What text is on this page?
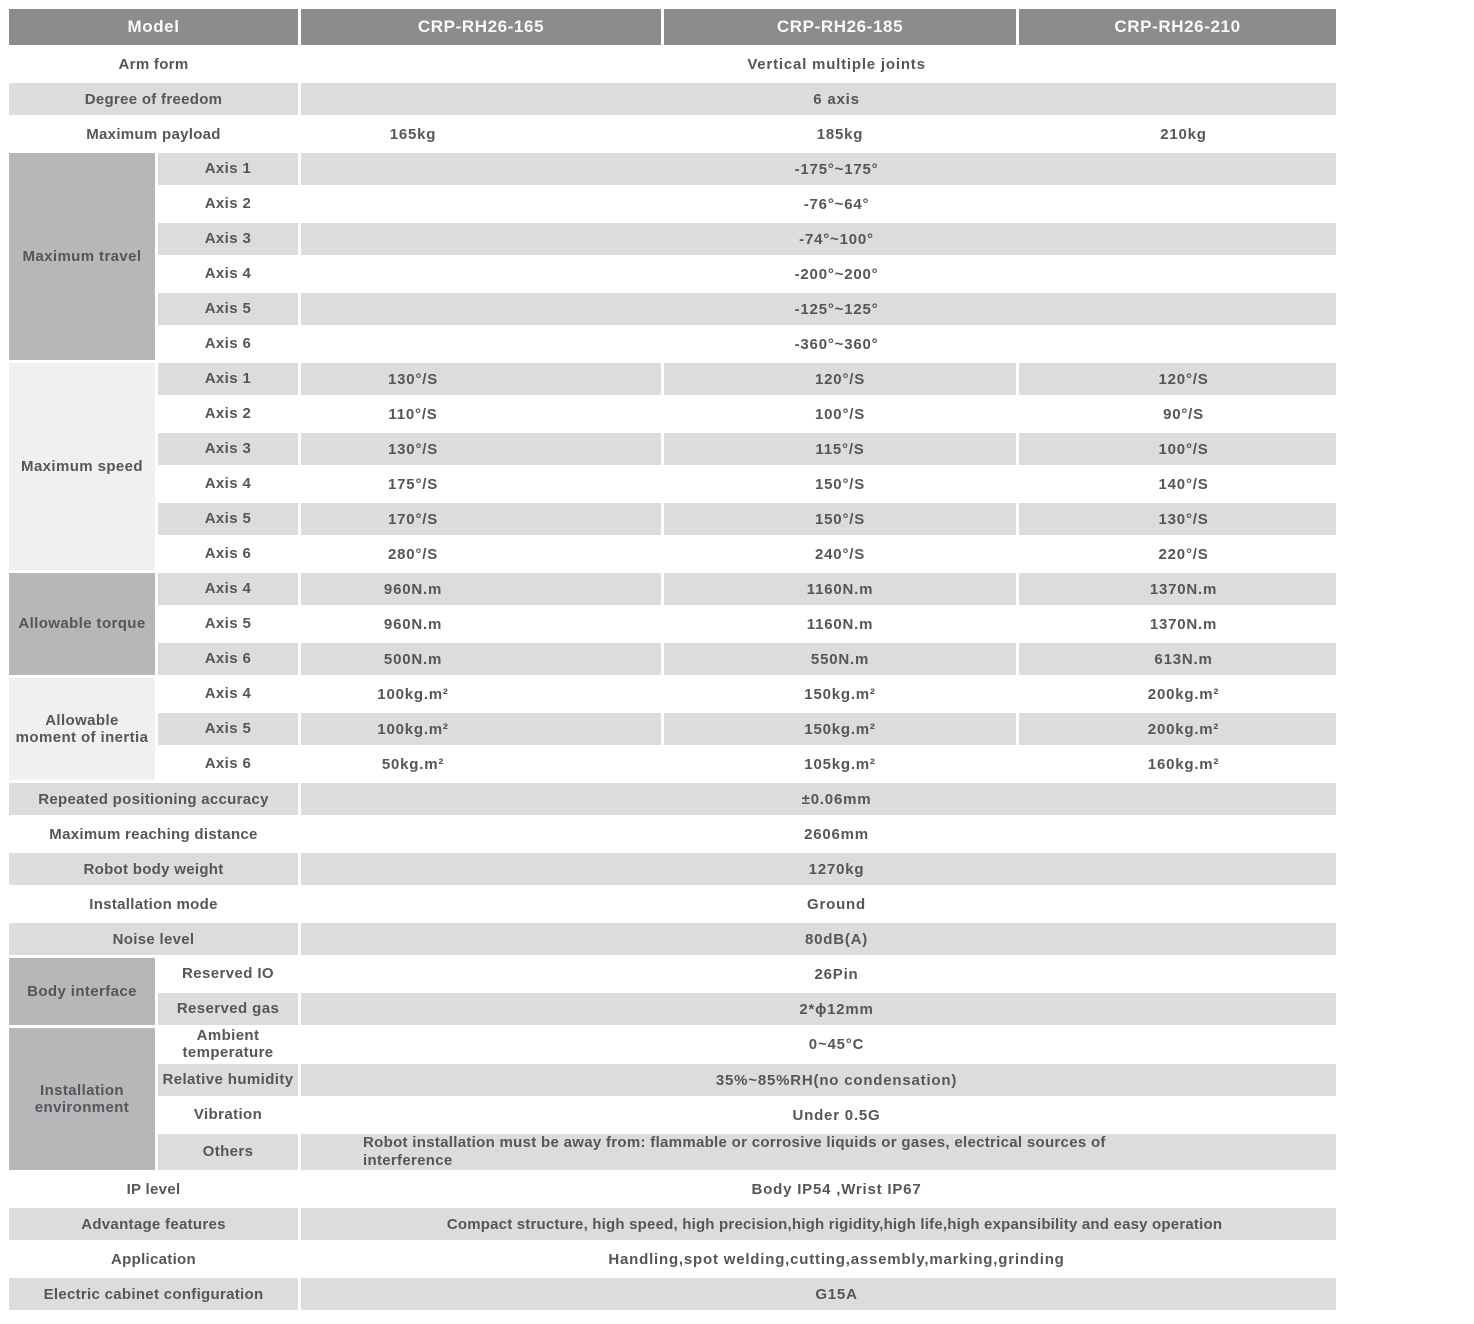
Model		CRP-RH26-165	CRP-RH26-185	CRP-RH26-210
Arm form		Vertical multiple joints		
Degree of freedom		6 axis		
Maximum payload		165kg	185kg	210kg
Maximum travel	Axis 1	-175°~175°		
	Axis 2	-76°~64°		
	Axis 3	-74°~100°		
	Axis 4	-200°~200°		
	Axis 5	-125°~125°		
	Axis 6	-360°~360°		
Maximum speed	Axis 1	130°/S	120°/S	120°/S
	Axis 2	110°/S	100°/S	90°/S
	Axis 3	130°/S	115°/S	100°/S
	Axis 4	175°/S	150°/S	140°/S
	Axis 5	170°/S	150°/S	130°/S
	Axis 6	280°/S	240°/S	220°/S
Allowable torque	Axis 4	960N.m	1160N.m	1370N.m
	Axis 5	960N.m	1160N.m	1370N.m
	Axis 6	500N.m	550N.m	613N.m
Allowable moment of inertia	Axis 4	100kg.m²	150kg.m²	200kg.m²
	Axis 5	100kg.m²	150kg.m²	200kg.m²
	Axis 6	50kg.m²	105kg.m²	160kg.m²
Repeated positioning accuracy		±0.06mm		
Maximum reaching distance		2606mm		
Robot body weight		1270kg		
Installation mode		Ground		
Noise level		80dB(A)		
Body interface	Reserved IO	26Pin		
	Reserved gas	2*ϕ12mm		
Installation environment	Ambient temperature	0~45°C		
	Relative humidity	35%~85%RH(no condensation)		
	Vibration	Under 0.5G		
	Others	Robot installation must be away from: flammable or corrosive liquids or gases, electrical sources of interference		
IP level		Body IP54 ,Wrist IP67		
Advantage features		Compact structure, high speed, high precision,high rigidity,high life,high expansibility and easy operation		
Application		Handling,spot welding,cutting,assembly,marking,grinding		
Electric cabinet configuration		G15A		
